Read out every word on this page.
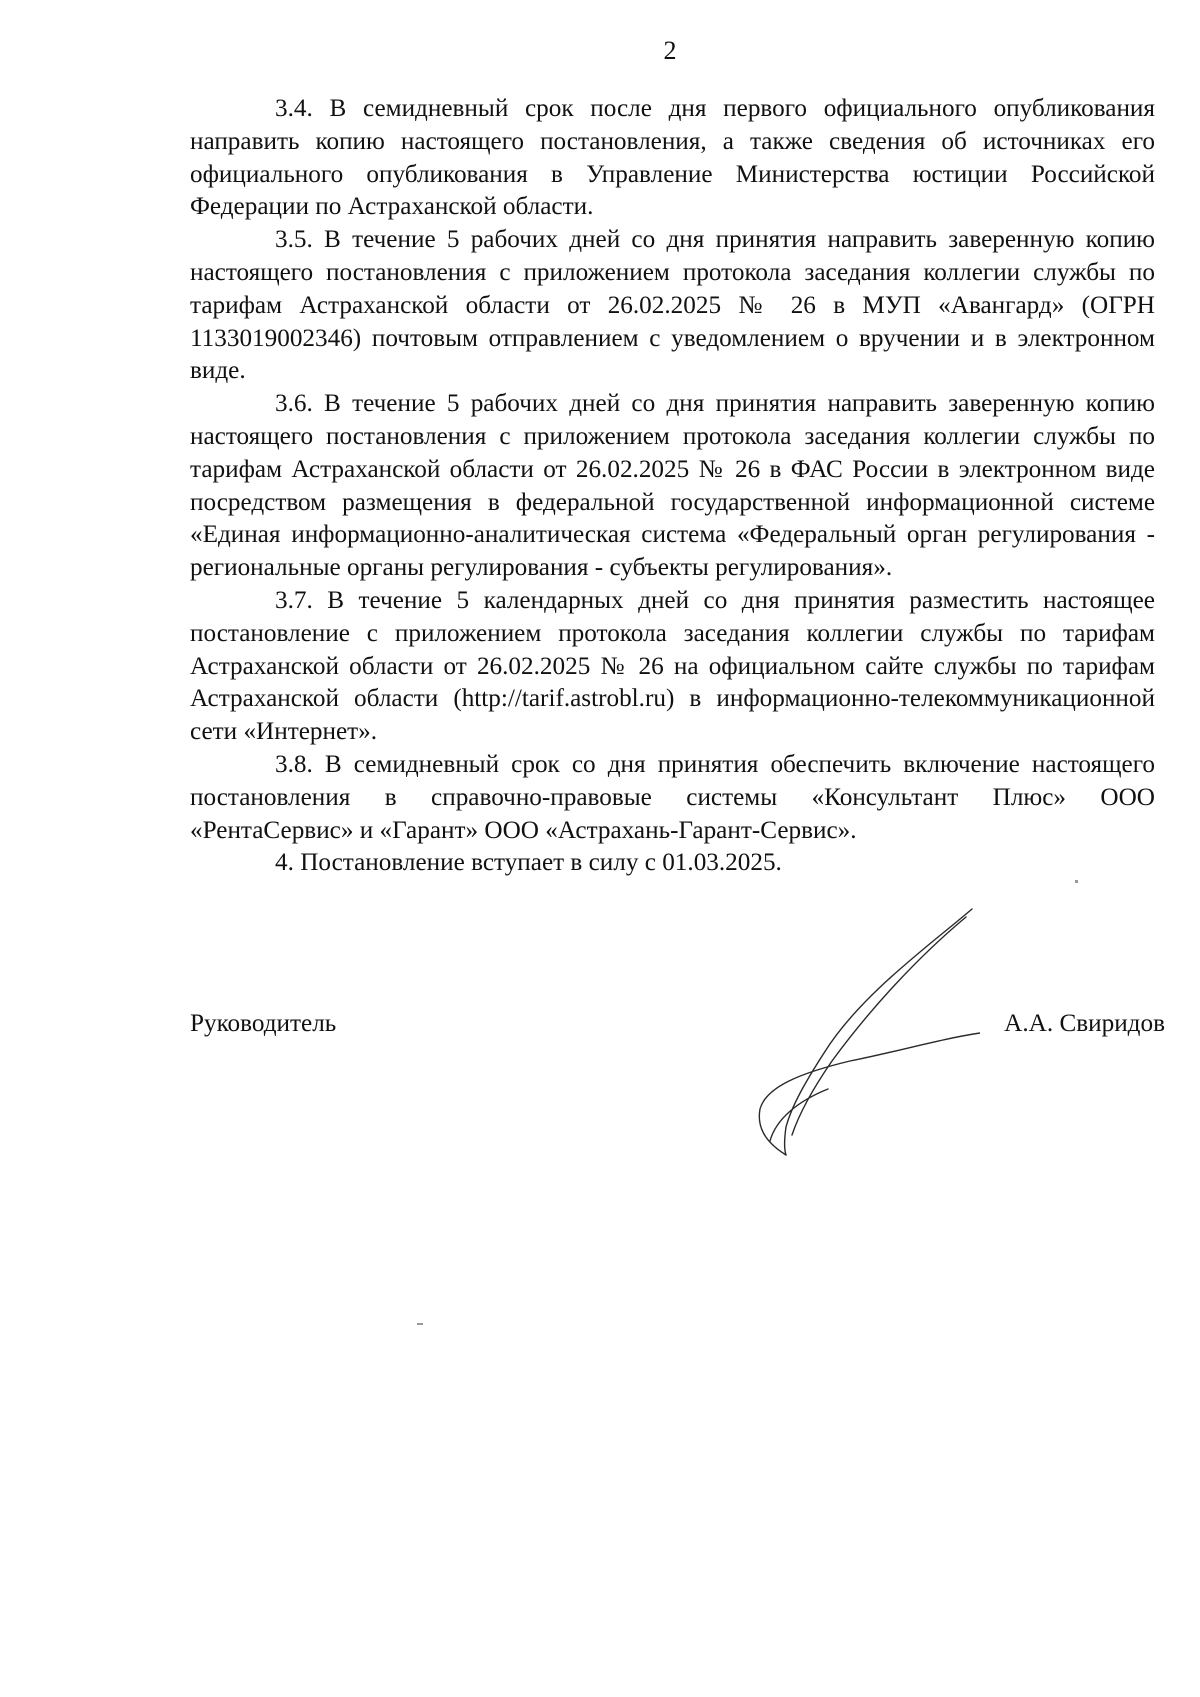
2

3.4. В семидневный срок после дня первого официального опубликования направить копию настоящего постановления, а также сведения об источниках его официального опубликования в Управление Министерства юстиции Российской Федерации по Астраханской области.

3.5. В течение 5 рабочих дней со дня принятия направить заверенную копию настоящего постановления с приложением протокола заседания коллегии службы по тарифам Астраханской области от 26.02.2025 № 26 в МУП «Авангард» (ОГРН 1133019002346) почтовым отправлением с уведомлением о вручении и в электронном виде.

3.6. В течение 5 рабочих дней со дня принятия направить заверенную копию настоящего постановления с приложением протокола заседания коллегии службы по тарифам Астраханской области от 26.02.2025 № 26 в ФАС России в электронном виде посредством размещения в федеральной государственной информационной системе «Единая информационно-аналитическая система «Федеральный орган регулирования - региональные органы регулирования - субъекты регулирования».

3.7. В течение 5 календарных дней со дня принятия разместить настоящее постановление с приложением протокола заседания коллегии службы по тарифам Астраханской области от 26.02.2025 № 26 на официальном сайте службы по тарифам Астраханской области (http://tarif.astrobl.ru) в информационно-телекоммуникационной сети «Интернет».

3.8. В семидневный срок со дня принятия обеспечить включение настоящего постановления в справочно-правовые системы «Консультант Плюс» ООО «РентаСервис» и «Гарант» ООО «Астрахань-Гарант-Сервис».

4. Постановление вступает в силу с 01.03.2025.

Руководитель	А.А. Свиридов
